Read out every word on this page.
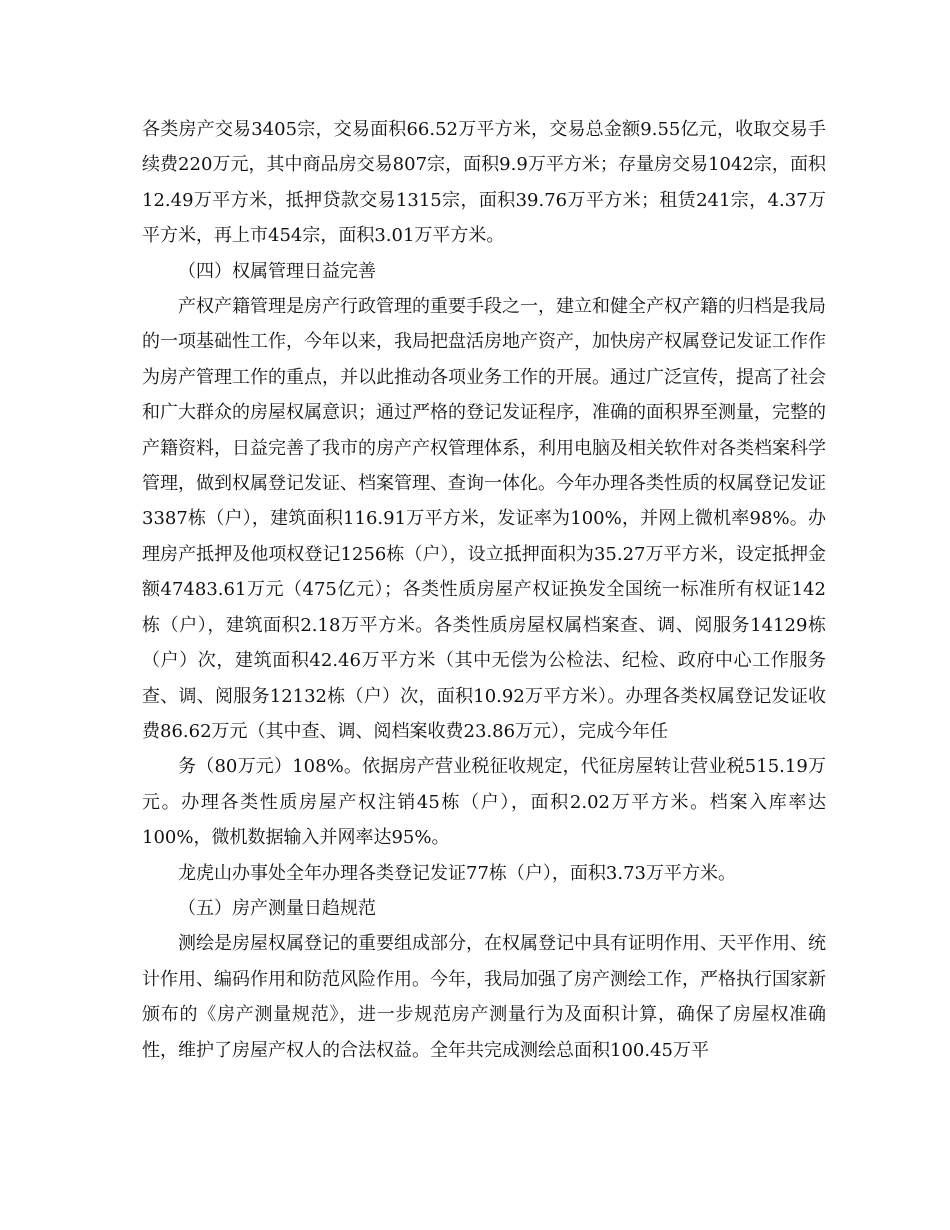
各类房产交易3405宗，交易面积66.52万平方米，交易总金额9.55亿元，收取交易手续费220万元，其中商品房交易807宗，面积9.9万平方米；存量房交易1042宗，面积12.49万平方米，抵押贷款交易1315宗，面积39.76万平方米；租赁241宗，4.37万平方米，再上市454宗，面积3.01万平方米。

（四）权属管理日益完善

产权产籍管理是房产行政管理的重要手段之一，建立和健全产权产籍的归档是我局的一项基础性工作，今年以来，我局把盘活房地产资产，加快房产权属登记发证工作作为房产管理工作的重点，并以此推动各项业务工作的开展。通过广泛宣传，提高了社会和广大群众的房屋权属意识；通过严格的登记发证程序，准确的面积界至测量，完整的产籍资料，日益完善了我市的房产产权管理体系，利用电脑及相关软件对各类档案科学管理，做到权属登记发证、档案管理、查询一体化。今年办理各类性质的权属登记发证3387栋（户），建筑面积116.91万平方米，发证率为100%，并网上微机率98%。办理房产抵押及他项权登记1256栋（户），设立抵押面积为35.27万平方米，设定抵押金额47483.61万元（475亿元）；各类性质房屋产权证换发全国统一标准所有权证142栋（户），建筑面积2.18万平方米。各类性质房屋权属档案查、调、阅服务14129栋（户）次，建筑面积42.46万平方米（其中无偿为公检法、纪检、政府中心工作服务查、调、阅服务12132栋（户）次，面积10.92万平方米）。办理各类权属登记发证收费86.62万元（其中查、调、阅档案收费23.86万元），完成今年任

务（80万元）108%。依据房产营业税征收规定，代征房屋转让营业税515.19万元。办理各类性质房屋产权注销45栋（户），面积2.02万平方米。档案入库率达100%，微机数据输入并网率达95%。

龙虎山办事处全年办理各类登记发证77栋（户），面积3.73万平方米。

（五）房产测量日趋规范

测绘是房屋权属登记的重要组成部分，在权属登记中具有证明作用、天平作用、统计作用、编码作用和防范风险作用。今年，我局加强了房产测绘工作，严格执行国家新颁布的《房产测量规范》，进一步规范房产测量行为及面积计算，确保了房屋权准确性，维护了房屋产权人的合法权益。全年共完成测绘总面积100.45万平
